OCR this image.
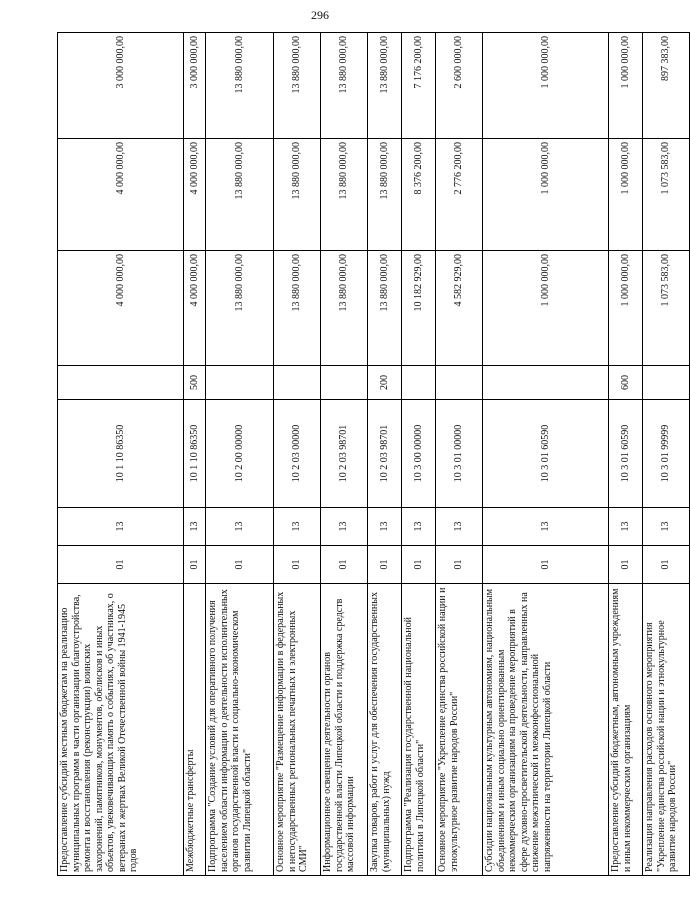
296
Предоставление субсидий местным бюджетам на реализацию муниципальных программ в части организации благоустройства, ремонта и восстановления (реконструкции) воинских захоронений, памятников, монументов, обелисков и иных объектов, увековечивающих память о событиях, об участниках, о ветеранах и жертвах Великой Отечественной войны 1941-1945 годов	01	13	10 1 10 86350		4 000 000,00	4 000 000,00	3 000 000,00
Межбюджетные трансферты	01	13	10 1 10 86350	500	4 000 000,00	4 000 000,00	3 000 000,00
Подпрограмма "Создание условий для оперативного получения населением области информации о деятельности исполнительных органов государственной власти и социально-экономическом развитии Липецкой области"	01	13	10 2 00 00000		13 880 000,00	13 880 000,00	13 880 000,00
Основное мероприятие "Размещение информации в федеральных и негосударственных региональных печатных и электронных СМИ"	01	13	10 2 03 00000		13 880 000,00	13 880 000,00	13 880 000,00
Информационное освещение деятельности органов государственной власти Липецкой области и поддержка средств массовой информации	01	13	10 2 03 98701		13 880 000,00	13 880 000,00	13 880 000,00
Закупка товаров, работ и услуг для обеспечения государственных (муниципальных) нужд	01	13	10 2 03 98701	200	13 880 000,00	13 880 000,00	13 880 000,00
Подпрограмма "Реализация государственной национальной политики в Липецкой области"	01	13	10 3 00 00000		10 182 929,00	8 376 200,00	7 176 200,00
Основное мероприятие "Укрепление единства российской нации и этнокультурное развитие народов России"	01	13	10 3 01 00000		4 582 929,00	2 776 200,00	2 600 000,00
Субсидии национальным культурным автономиям, национальным объединениям и иным социально ориентированным некоммерческим организациям на проведение мероприятий в сфере духовно-просветительской деятельности, направленных на снижение межэтнической и межконфессиональной напряженности на территории Липецкой области	01	13	10 3 01 60590		1 000 000,00	1 000 000,00	1 000 000,00
Предоставление субсидий бюджетным, автономным учреждениям и иным некоммерческим организациям	01	13	10 3 01 60590	600	1 000 000,00	1 000 000,00	1 000 000,00
Реализация направления расходов основного мероприятия "Укрепление единства российской нации и этнокультурное развитие народов России"	01	13	10 3 01 99999		1 073 583,00	1 073 583,00	897 383,00
